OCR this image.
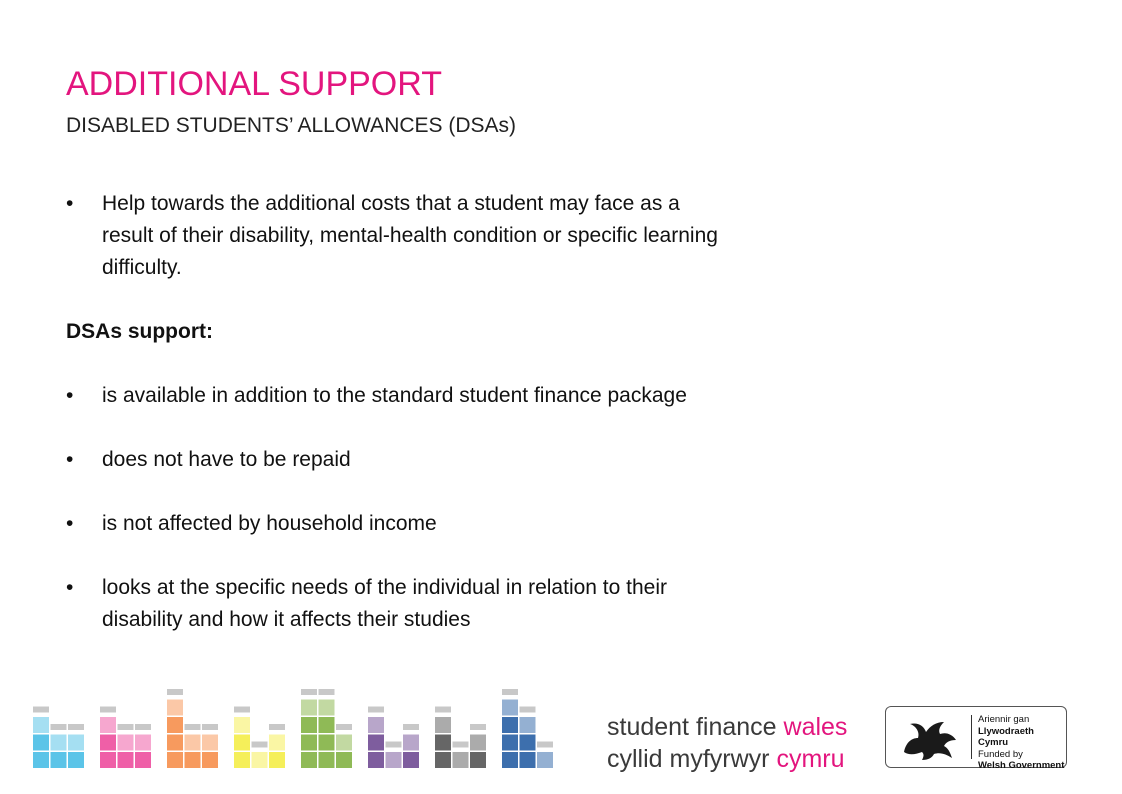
ADDITIONAL SUPPORT
DISABLED STUDENTS’ ALLOWANCES (DSAs)
• Help towards the additional costs that a student may face as a
result of their disability, mental-health condition or specific learning
difficulty.
DSAs support:
• is available in addition to the standard student finance package
• does not have to be repaid
• is not affected by household income
• looks at the specific needs of the individual in relation to their
disability and how it affects their studies
student finance wales
cyllid myfyrwyr cymru
Ariennir gan
Llywodraeth Cymru
Funded by
Welsh Government
